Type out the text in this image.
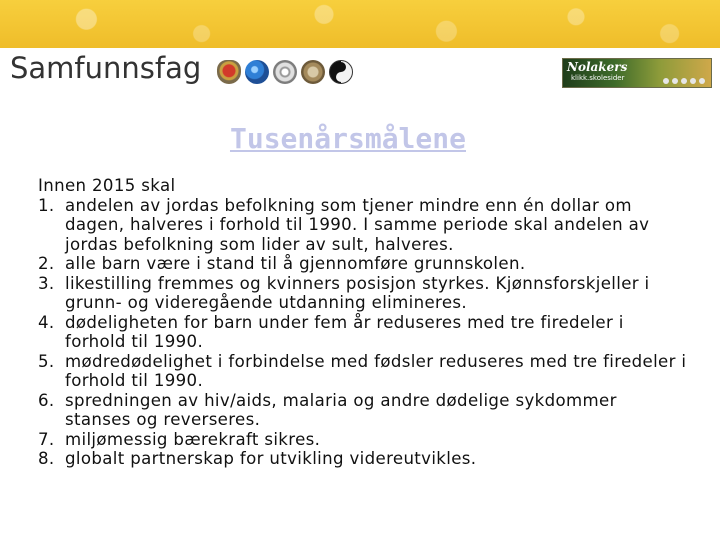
Samfunnsfag	Nolakers
klikk.skolesider
Tusenårsmålene

Innen 2015 skal

1. andelen av jordas befolkning som tjener mindre enn én dollar om dagen, halveres i forhold til 1990. I samme periode skal andelen av jordas befolkning som lider av sult, halveres.
2. alle barn være i stand til å gjennomføre grunnskolen.
3. likestilling fremmes og kvinners posisjon styrkes. Kjønnsforskjeller i grunn- og videregående utdanning elimineres.
4. dødeligheten for barn under fem år reduseres med tre firedeler i forhold til 1990.
5. mødredødelighet i forbindelse med fødsler reduseres med tre firedeler i forhold til 1990.
6. spredningen av hiv/aids, malaria og andre dødelige sykdommer stanses og reverseres.
7. miljømessig bærekraft sikres.
8. globalt partnerskap for utvikling videreutvikles.
